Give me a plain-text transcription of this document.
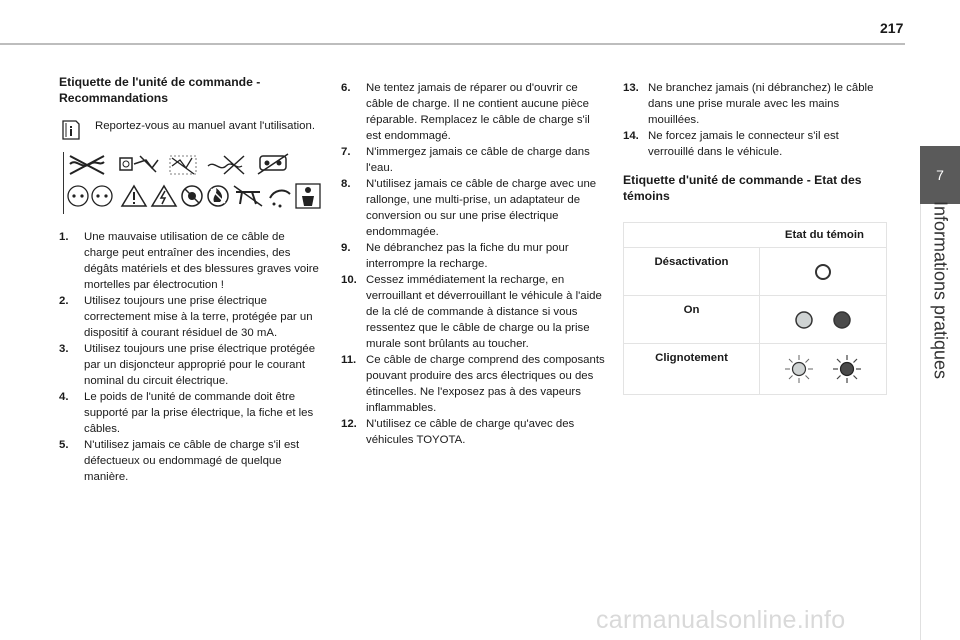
217
7
Informations pratiques
Etiquette de l'unité de commande - Recommandations
Reportez-vous au manuel avant l'utilisation.
1. Une mauvaise utilisation de ce câble de charge peut entraîner des incendies, des dégâts matériels et des blessures graves voire mortelles par électrocution !
2. Utilisez toujours une prise électrique correctement mise à la terre, protégée par un dispositif à courant résiduel de 30 mA.
3. Utilisez toujours une prise électrique protégée par un disjoncteur approprié pour le courant nominal du circuit électrique.
4. Le poids de l'unité de commande doit être supporté par la prise électrique, la fiche et les câbles.
5. N'utilisez jamais ce câble de charge s'il est défectueux ou endommagé de quelque manière.
6. Ne tentez jamais de réparer ou d'ouvrir ce câble de charge. Il ne contient aucune pièce réparable. Remplacez le câble de charge s'il est endommagé.
7. N'immergez jamais ce câble de charge dans l'eau.
8. N'utilisez jamais ce câble de charge avec une rallonge, une multi-prise, un adaptateur de conversion ou sur une prise électrique endommagée.
9. Ne débranchez pas la fiche du mur pour interrompre la recharge.
10. Cessez immédiatement la recharge, en verrouillant et déverrouillant le véhicule à l'aide de la clé de commande à distance si vous ressentez que le câble de charge ou la prise murale sont brûlants au toucher.
11. Ce câble de charge comprend des composants pouvant produire des arcs électriques ou des étincelles. Ne l'exposez pas à des vapeurs inflammables.
12. N'utilisez ce câble de charge qu'avec des véhicules TOYOTA.
13. Ne branchez jamais (ni débranchez) le câble dans une prise murale avec les mains mouillées.
14. Ne forcez jamais le connecteur s'il est verrouillé dans le véhicule.
Etiquette d'unité de commande - Etat des témoins
Etat du témoin
Désactivation
On
Clignotement
carmanualsonline.info
